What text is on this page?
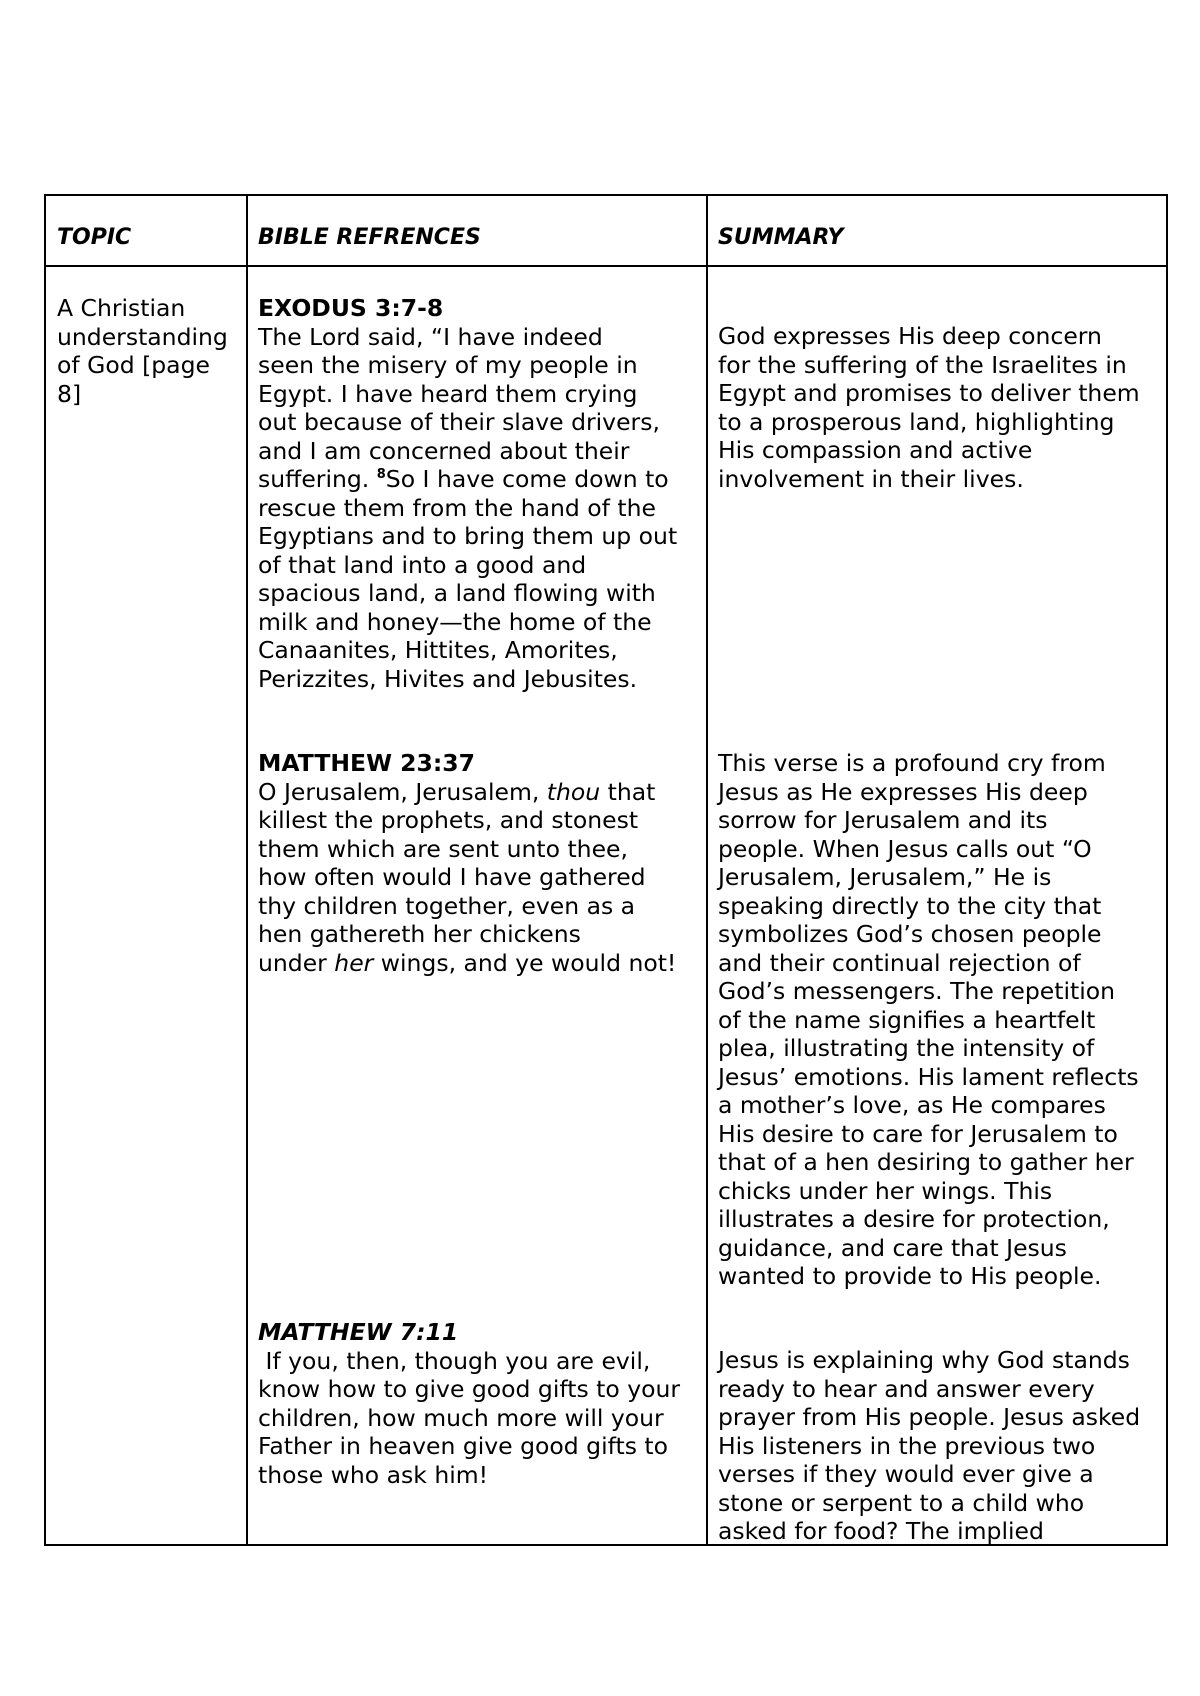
TOPIC	BIBLE REFRENCES	SUMMARY
A Christian
understanding
of God [page
8]
EXODUS 3:7-8
The Lord said, “I have indeed
seen the misery of my people in
Egypt. I have heard them crying
out because of their slave drivers,
and I am concerned about their
suffering. $^8$So I have come down to
rescue them from the hand of the
Egyptians and to bring them up out
of that land into a good and
spacious land, a land flowing with
milk and honey—the home of the
Canaanites, Hittites, Amorites,
Perizzites, Hivites and Jebusites.
God expresses His deep concern
for the suffering of the Israelites in
Egypt and promises to deliver them
to a prosperous land, highlighting
His compassion and active
involvement in their lives.
MATTHEW 23:37
O Jerusalem, Jerusalem, thou that
killest the prophets, and stonest
them which are sent unto thee,
how often would I have gathered
thy children together, even as a
hen gathereth her chickens
under her wings, and ye would not!
This verse is a profound cry from
Jesus as He expresses His deep
sorrow for Jerusalem and its
people. When Jesus calls out “O
Jerusalem, Jerusalem,” He is
speaking directly to the city that
symbolizes God’s chosen people
and their continual rejection of
God’s messengers. The repetition
of the name signifies a heartfelt
plea, illustrating the intensity of
Jesus’ emotions. His lament reflects
a mother’s love, as He compares
His desire to care for Jerusalem to
that of a hen desiring to gather her
chicks under her wings. This
illustrates a desire for protection,
guidance, and care that Jesus
wanted to provide to His people.
MATTHEW 7:11
If you, then, though you are evil,
know how to give good gifts to your
children, how much more will your
Father in heaven give good gifts to
those who ask him!
Jesus is explaining why God stands
ready to hear and answer every
prayer from His people. Jesus asked
His listeners in the previous two
verses if they would ever give a
stone or serpent to a child who
asked for food? The implied
